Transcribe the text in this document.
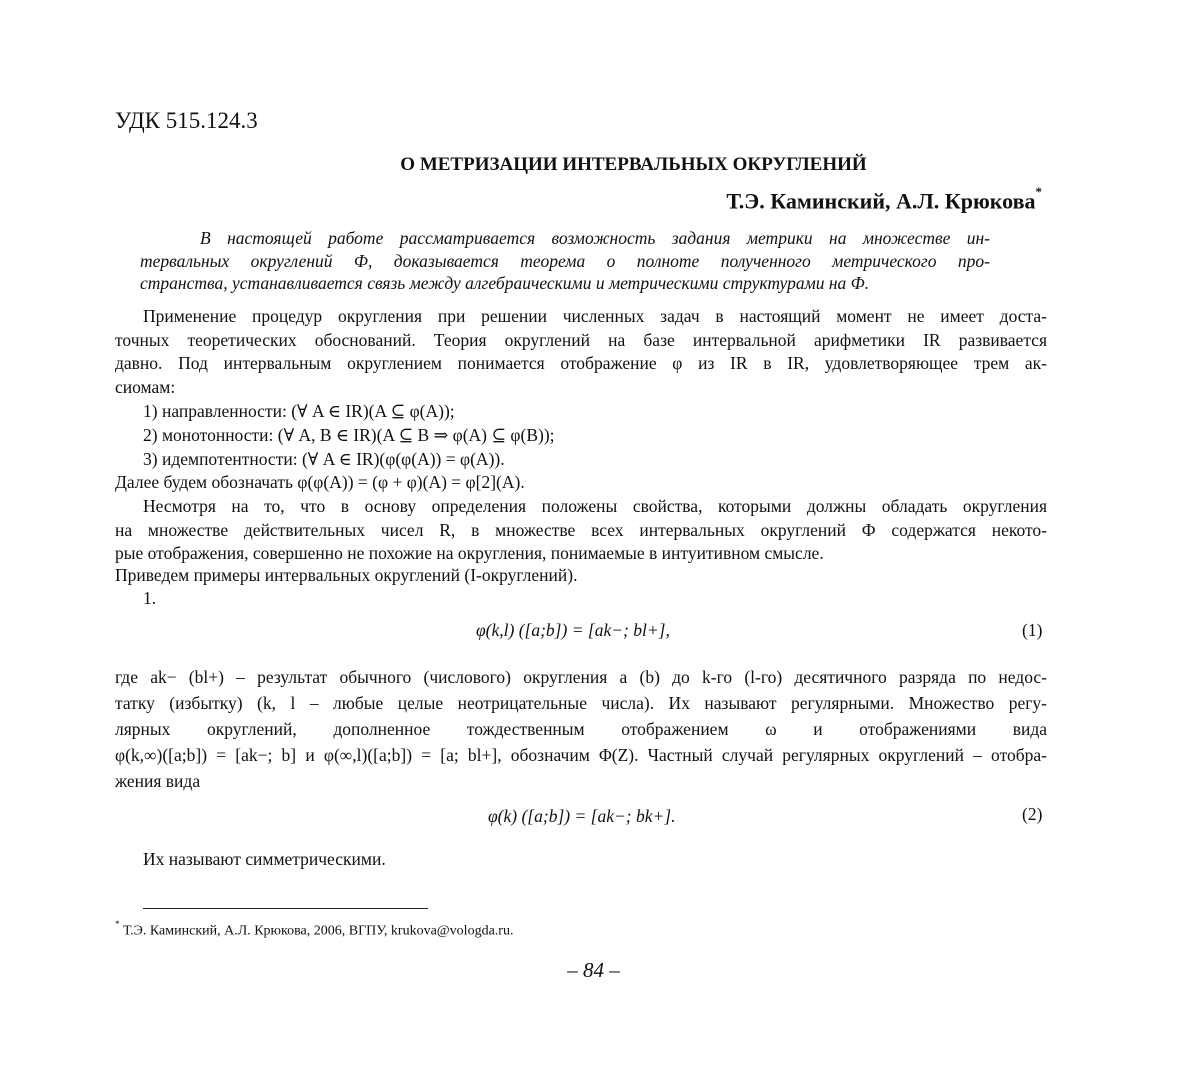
УДК 515.124.3
О МЕТРИЗАЦИИ ИНТЕРВАЛЬНЫХ ОКРУГЛЕНИЙ
Т.Э. Каминский, А.Л. Крюкова*
В настоящей работе рассматривается возможность задания метрики на множестве ин-
тервальных округлений Ф, доказывается теорема о полноте полученного метрического про-
странства, устанавливается связь между алгебраическими и метрическими структурами на Ф.
Применение процедур округления при решении численных задач в настоящий момент не имеет доста-
точных теоретических обоснований. Теория округлений на базе интервальной арифметики IR развивается
давно. Под интервальным округлением понимается отображение φ из IR в IR, удовлетворяющее трем ак-
сиомам:
1) направленности: (∀ A ∈ IR)(A ⊆ φ(A));
2) монотонности: (∀ A, B ∈ IR)(A ⊆ B ⇒ φ(A) ⊆ φ(B));
3) идемпотентности: (∀ A ∈ IR)(φ(φ(A)) = φ(A)).
Далее будем обозначать φ(φ(A)) = (φ + φ)(A) = φ[2](A).
Несмотря на то, что в основу определения положены свойства, которыми должны обладать округления
на множестве действительных чисел R, в множестве всех интервальных округлений Ф содержатся некото-
рые отображения, совершенно не похожие на округления, понимаемые в интуитивном смысле.
Приведем примеры интервальных округлений (I-округлений).
1.
φ(k,l) ([a;b]) = [ak−; bl+],	(1)
где ak− (bl+) – результат обычного (числового) округления a (b) до k-го (l-го) десятичного разряда по недос-
татку (избытку) (k, l – любые целые неотрицательные числа). Их называют регулярными. Множество регу-
лярных округлений, дополненное тождественным отображением ω и отображениями вида
φ(k,∞)([a;b]) = [ak−; b] и φ(∞,l)([a;b]) = [a; bl+], обозначим Φ(Z). Частный случай регулярных округлений – отобра-
жения вида
φ(k) ([a;b]) = [ak−; bk+].	(2)
Их называют симметрическими.
* Т.Э. Каминский, А.Л. Крюкова, 2006, ВГПУ, krukova@vologda.ru.
– 84 –
